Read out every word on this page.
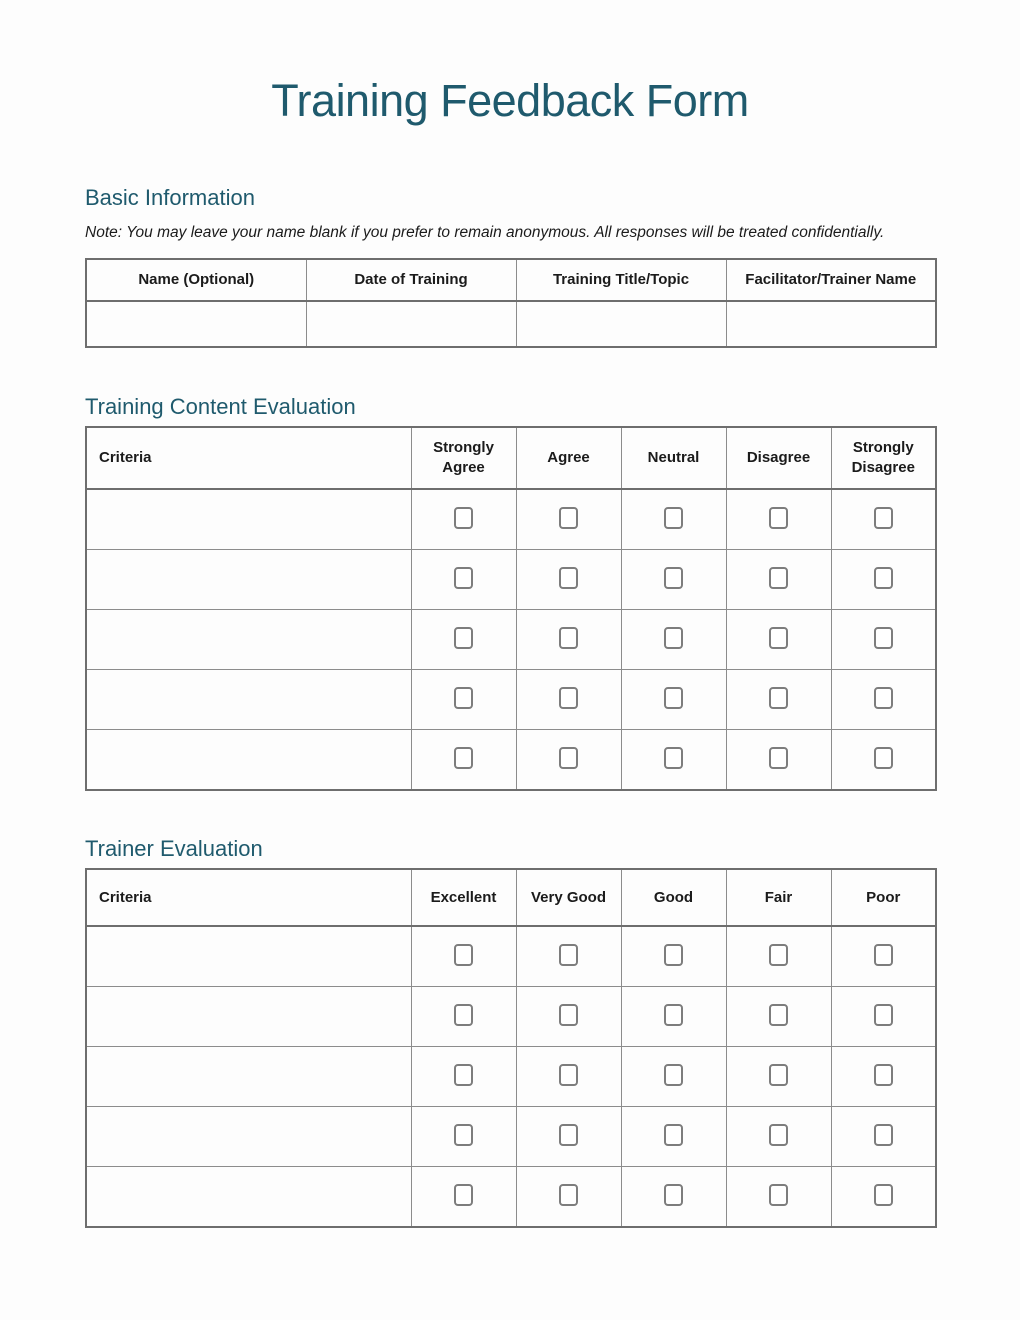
Training Feedback Form
Basic Information

Note: You may leave your name blank if you prefer to remain anonymous. All responses will be treated confidentially.

Name (Optional)	Date of Training	Training Title/Topic	Facilitator/Trainer Name

Training Content Evaluation
Criteria	Strongly Agree	Agree	Neutral	Disagree	Strongly Disagree

Trainer Evaluation
Criteria	Excellent	Very Good	Good	Fair	Poor
